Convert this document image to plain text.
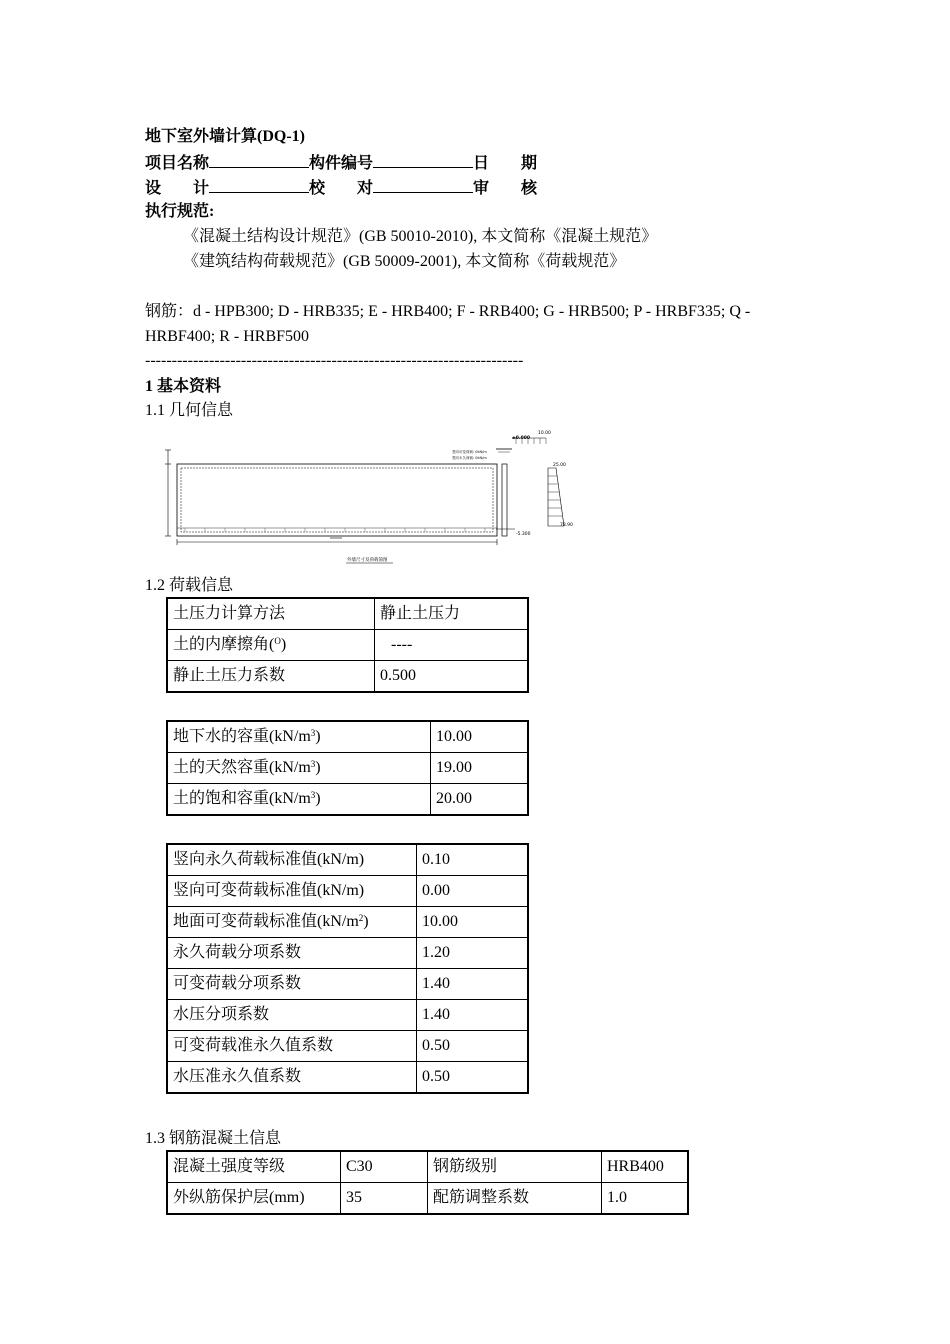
地下室外墙计算(DQ-1)
项目名称	构件编号	日　　期
设　　计	校　　对	审　　核
执行规范:
《混凝土结构设计规范》(GB 50010-2010), 本文简称《混凝土规范》
《建筑结构荷载规范》(GB 50009-2001), 本文简称《荷载规范》
钢筋：d - HPB300; D - HRB335; E - HRB400; F - RRB400; G - HRB500; P - HRBF335; Q -
HRBF400; R - HRBF500
-----------------------------------------------------------------------
1 基本资料
1.1 几何信息
10.00
±0.000
竖向可变荷载: 0kN/m
竖向永久荷载: 0kN/m
-5.300
25.00
78.90
外墙尺寸及荷载简图
1.2 荷载信息
土压力计算方法	静止土压力
土的内摩擦角($^O$)	----
静止土压力系数	0.500
地下水的容重$(kN/m^3)$	10.00
土的天然容重$(kN/m^3)$	19.00
土的饱和容重$(kN/m^3)$	20.00
竖向永久荷载标准值(kN/m)	0.10
竖向可变荷载标准值(kN/m)	0.00
地面可变荷载标准值$(kN/m^2)$	10.00
永久荷载分项系数	1.20
可变荷载分项系数	1.40
水压分项系数	1.40
可变荷载准永久值系数	0.50
水压准永久值系数	0.50
1.3 钢筋混凝土信息
混凝土强度等级	C30	钢筋级别	HRB400
外纵筋保护层(mm)	35	配筋调整系数	1.0
